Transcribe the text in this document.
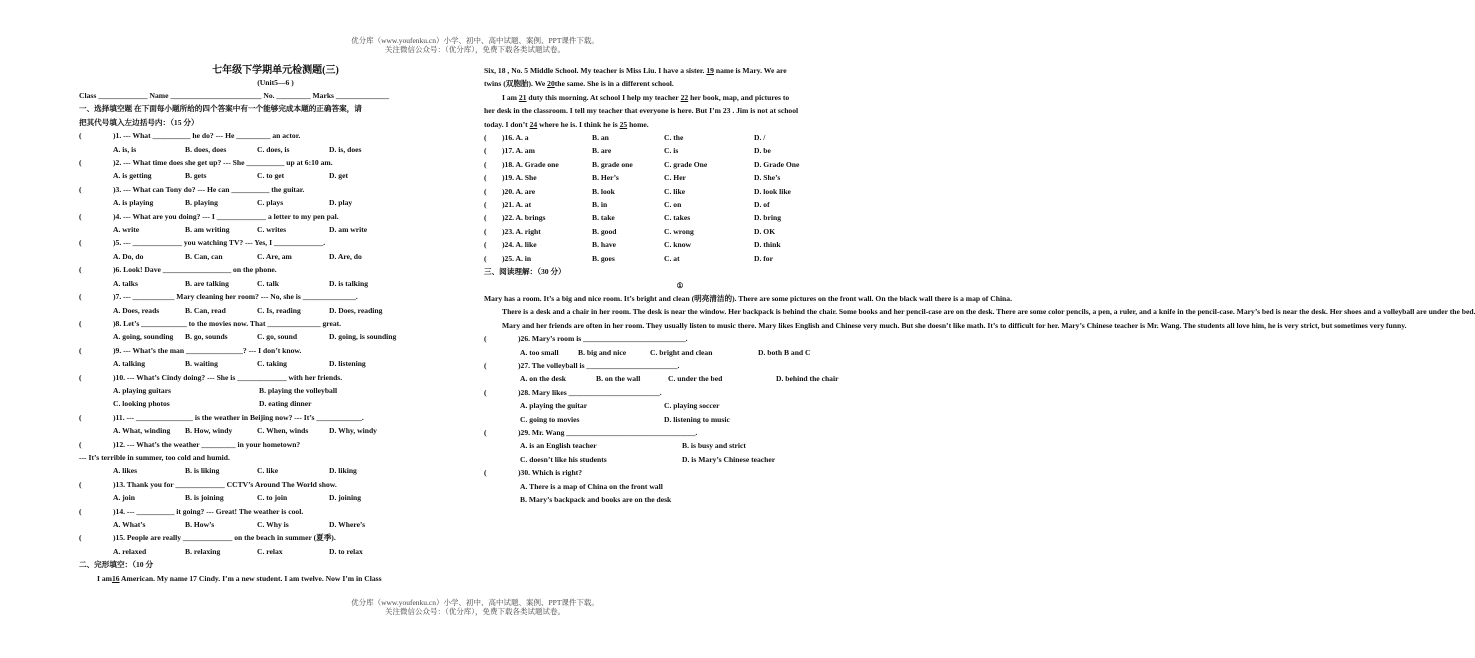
优分库（www.youfenku.cn）小学、初中、高中试题、案例、PPT课件下载。
关注微信公众号：（优分库），免费下载各类试题试卷。

七年级下学期单元检测题(三)

(Unit5—6 )

Class _____________ Name ________________________ No. _________ Marks ______________

一、选择填空题 在下面每小题所给的四个答案中有一个能够完成本题的正确答案，请

把其代号填入左边括号内：（15 分）

(	)1. --- What __________ he do? --- He _________ an actor.
A. is, is	B. does, does	C. does, is	D. is, does
(	)2. --- What time does she get up? --- She __________ up at 6:10 am.
A. is getting	B. gets	C. to get	D. get
(	)3. --- What can Tony do? --- He can __________ the guitar.
A. is playing	B. playing	C. plays	D. play
(	)4. --- What are you doing? --- I _____________ a letter to my pen pal.
A. write	B. am writing	C. writes	D. am write
(	)5. --- _____________ you watching TV? --- Yes, I _____________.
A. Do, do	B. Can, can	C. Are, am	D. Are, do
(	)6. Look! Dave __________________ on the phone.
A. talks	B. are talking	C. talk	D. is talking
(	)7. --- ___________ Mary cleaning her room? --- No, she is ______________.
A. Does, reads	B. Can, read	C. Is, reading	D. Does, reading
(	)8. Let’s ____________ to the movies now. That ______________ great.
A. going, sounding	B. go, sounds	C. go, sound	D. going, is sounding
(	)9. --- What’s the man _______________? --- I don’t know.
A. talking	B. waiting	C. taking	D. listening
(	)10. --- What’s Cindy doing? --- She is _____________ with her friends.
A. playing guitars	B. playing the volleyball
C. looking photos	D. eating dinner
(	)11. --- _______________ is the weather in Beijing now? --- It’s ____________.
A. What, winding	B. How, windy	C. When, winds	D. Why, windy
(	)12. --- What’s the weather _________ in your hometown?

--- It’s terrible in summer, too cold and humid.

A. likes	B. is liking	C. like	D. liking
(	)13. Thank you for _____________ CCTV’s Around The World show.
A. join	B. is joining	C. to join	D. joining
(	)14. --- __________ it going? --- Great! The weather is cool.
A. What’s	B. How’s	C. Why is	D. Where’s
(	)15. People are really _____________ on the beach in summer (夏季).
A. relaxed	B. relaxing	C. relax	D. to relax

二、完形填空：（10 分

I am16 American. My name 17 Cindy. I’m a new student. I am twelve. Now I’m in Class

Six, 18 , No. 5 Middle School. My teacher is Miss Liu. I have a sister. 19 name is Mary. We are

twins (双胞胎). We 20the same. She is in a different school.

I am 21 duty this morning. At school I help my teacher 22 her book, map, and pictures to

her desk in the classroom. I tell my teacher that everyone is here. But I’m 23 . Jim is not at school

today. I don’t 24 where he is. I think he is 25 home.

(	)16. A. a	B. an	C. the	D. /
(	)17. A. am	B. are	C. is	D. be
(	)18. A. Grade one	B. grade one	C. grade One	D. Grade One
(	)19. A. She	B. Her’s	C. Her	D. She’s
(	)20. A. are	B. look	C. like	D. look like
(	)21. A. at	B. in	C. on	D. of
(	)22. A. brings	B. take	C. takes	D. bring
(	)23. A. right	B. good	C. wrong	D. OK
(	)24. A. like	B. have	C. know	D. think
(	)25. A. in	B. goes	C. at	D. for

三、阅读理解：（30 分）

①

Mary has a room. It’s a big and nice room. It’s bright and clean (明亮清洁的). There are some pictures on the front wall. On the black wall there is a map of China.

There is a desk and a chair in her room. The desk is near the window. Her backpack is behind the chair. Some books and her pencil-case are on the desk. There are some color pencils, a pen, a ruler, and a knife in the pencil-case. Mary’s bed is near the desk. Her shoes and a volleyball are under the bed.

Mary and her friends are often in her room. They usually listen to music there. Mary likes English and Chinese very much. But she doesn’t like math. It’s to difficult for her. Mary’s Chinese teacher is Mr. Wang. The students all love him, he is very strict, but sometimes very funny.

(	)26. Mary’s room is ___________________________.
A. too small	B. big and nice	C. bright and clean	D. both B and C
(	)27. The volleyball is ________________________.
A. on the desk	B. on the wall	C. under the bed	D. behind the chair
(	)28. Mary likes ________________________.
A. playing the guitar	C. playing soccer
C. going to movies	D. listening to music
(	)29. Mr. Wang __________________________________.
A. is an English teacher	B. is busy and strict
C. doesn’t like his students	D. is Mary’s Chinese teacher
(	)30. Which is right?
A. There is a map of China on the front wall
B. Mary’s backpack and books are on the desk
优分库（www.youfenku.cn）小学、初中、高中试题、案例、PPT课件下载。
关注微信公众号：（优分库），免费下载各类试题试卷。
